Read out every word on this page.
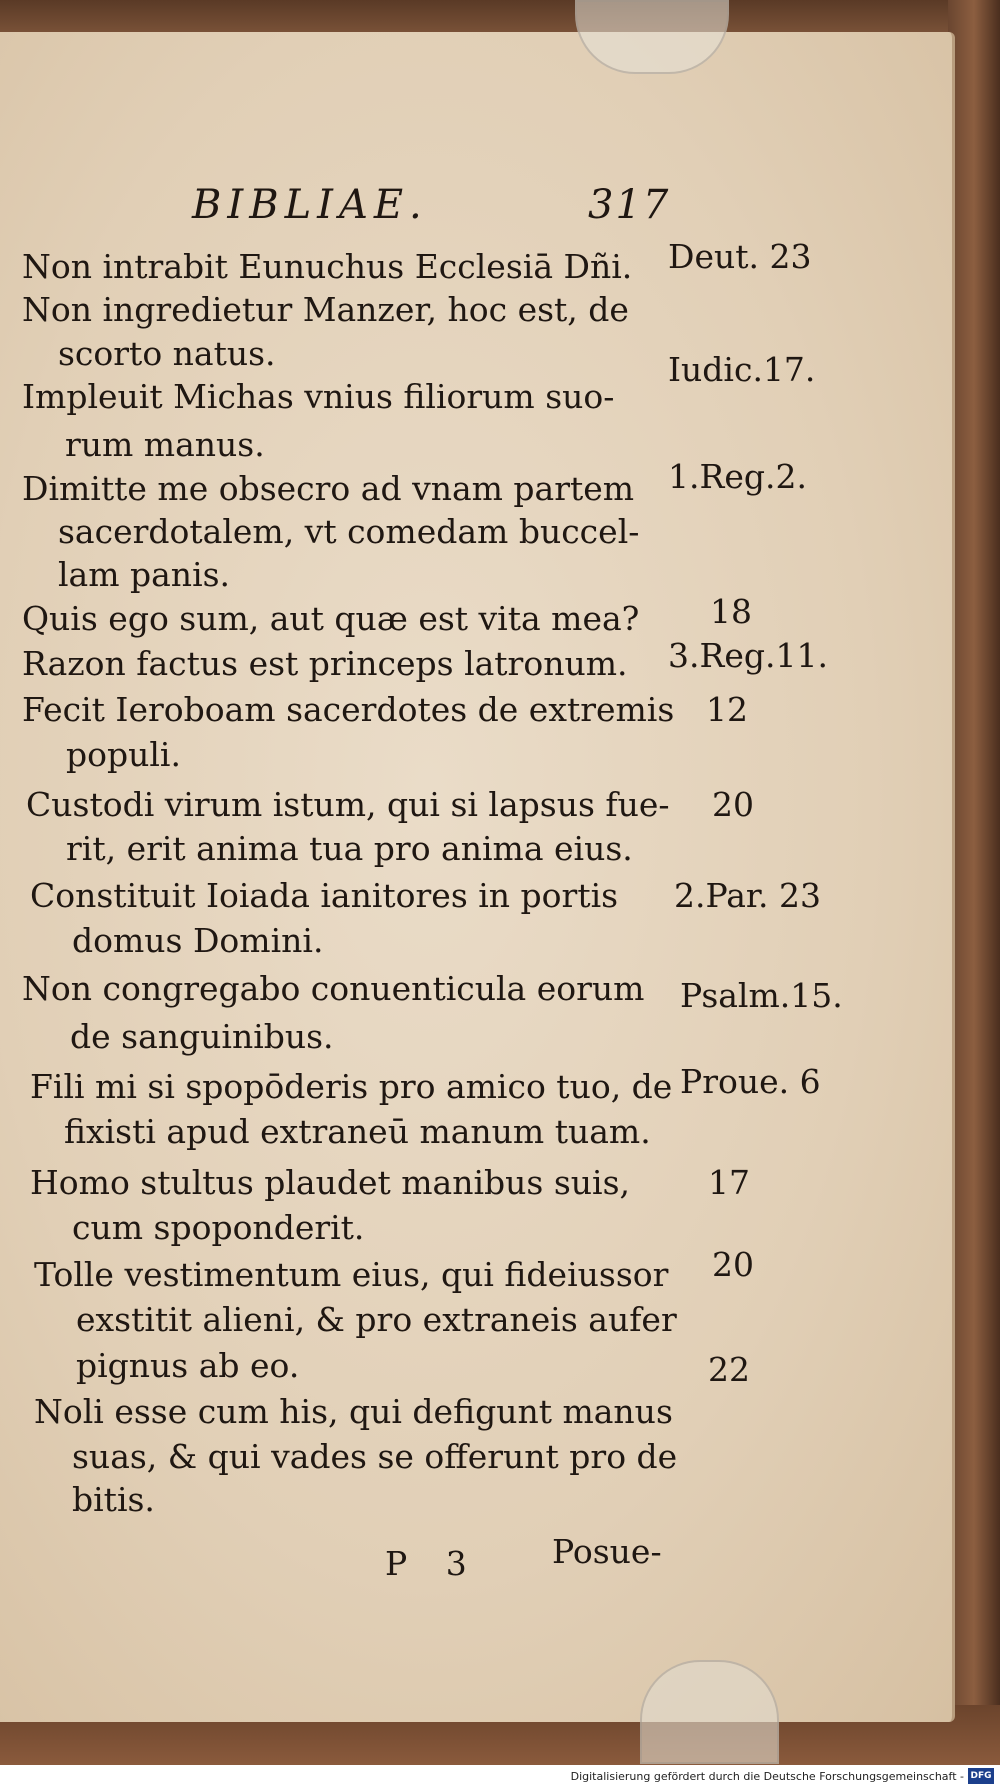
BIBLIAE.	317
Non intrabit Eunuchus Ecclesiā Dñi. Deut. 23
Non ingredietur Manzer, hoc est, de
scorto natus.
Impleuit Michas vnius filiorum suo-
Iudic.17.
rum manus.
Dimitte me obsecro ad vnam partem 1.Reg.2.
sacerdotalem, vt comedam buccel-
lam panis.
Quis ego sum, aut quæ est vita mea? 18
Razon factus est princeps latronum. 3.Reg.11.
Fecit Ieroboam sacerdotes de extremis 12
populi.
Custodi virum istum, qui si lapsus fue- 20
rit, erit anima tua pro anima eius.
Constituit Ioiada ianitores in portis 2.Par. 23
domus Domini.
Non congregabo conuenticula eorum Psalm.15.
de sanguinibus.
Fili mi si spopōderis pro amico tuo, de Proue. 6
fixisti apud extraneū manum tuam.
Homo stultus plaudet manibus suis, 17
cum spoponderit.
Tolle vestimentum eius, qui fideiussor 20
exstitit alieni, & pro extraneis aufer
pignus ab eo.	22
Noli esse cum his, qui defigunt manus
suas, & qui vades se offerunt pro de
bitis.
P 3 Posue-
Digitalisierung gefördert durch die Deutsche Forschungsgemeinschaft - DFG
